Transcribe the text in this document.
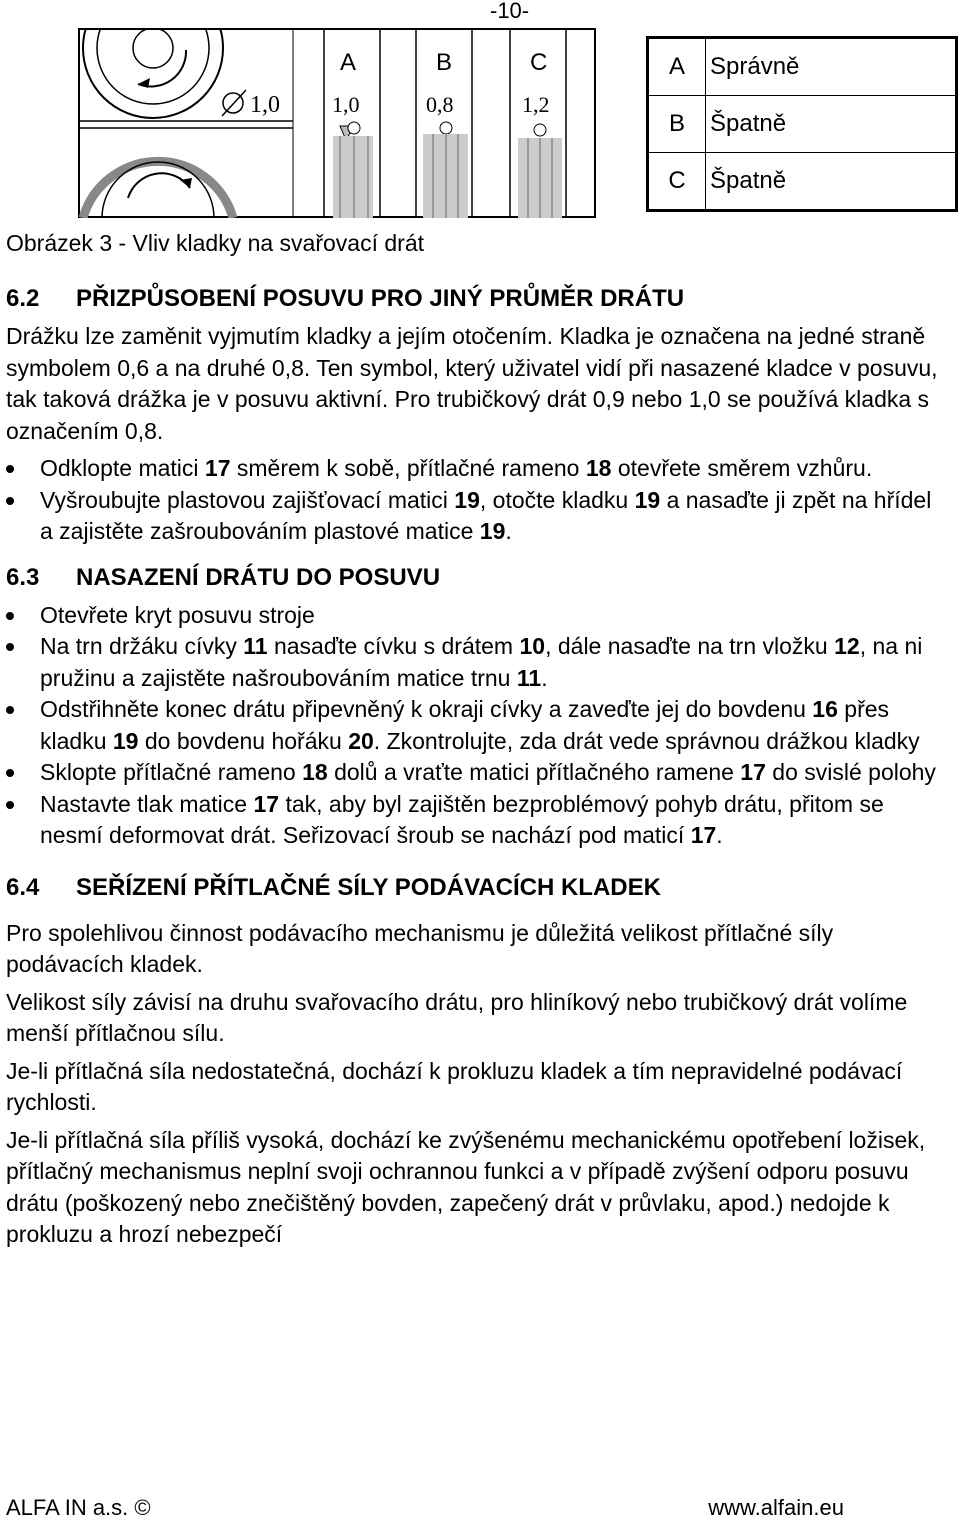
-10-
1,0
A
1,0
B
0,8
C
1,2
A	Správně
B	Špatně
C	Špatně
Obrázek 3 - Vliv kladky na svařovací drát
6.2	PŘIZPŮSOBENÍ POSUVU PRO JINÝ PRŮMĚR DRÁTU

Drážku lze zaměnit vyjmutím kladky a jejím otočením. Kladka je označena na jedné straně symbolem 0,6 a na druhé 0,8. Ten symbol, který uživatel vidí při nasazené kladce v posuvu, tak taková drážka je v posuvu aktivní. Pro trubičkový drát 0,9 nebo 1,0 se používá kladka s označením 0,8.

Odklopte matici 17 směrem k sobě, přítlačné rameno 18 otevřete směrem vzhůru.
Vyšroubujte plastovou zajišťovací matici 19, otočte kladku 19 a nasaďte ji zpět na hřídel a zajistěte zašroubováním plastové matice 19.
6.3	NASAZENÍ DRÁTU DO POSUVU
Otevřete kryt posuvu stroje
Na trn držáku cívky 11 nasaďte cívku s drátem 10, dále nasaďte na trn vložku 12, na ni pružinu a zajistěte našroubováním matice trnu 11.
Odstřihněte konec drátu připevněný k okraji cívky a zaveďte jej do bovdenu 16 přes kladku 19 do bovdenu hořáku 20. Zkontrolujte, zda drát vede správnou drážkou kladky
Sklopte přítlačné rameno 18 dolů a vraťte matici přítlačného ramene 17 do svislé polohy
Nastavte tlak matice 17 tak, aby byl zajištěn bezproblémový pohyb drátu, přitom se nesmí deformovat drát. Seřizovací šroub se nachází pod maticí 17.
6.4	SEŘÍZENÍ PŘÍTLAČNÉ SÍLY PODÁVACÍCH KLADEK

Pro spolehlivou činnost podávacího mechanismu je důležitá velikost přítlačné síly podávacích kladek.

Velikost síly závisí na druhu svařovacího drátu, pro hliníkový nebo trubičkový drát volíme menší přítlačnou sílu.

Je-li přítlačná síla nedostatečná, dochází k prokluzu kladek a tím nepravidelné podávací rychlosti.

Je-li přítlačná síla příliš vysoká, dochází ke zvýšenému mechanickému opotřebení ložisek, přítlačný mechanismus neplní svoji ochrannou funkci a v případě zvýšení odporu posuvu drátu (poškozený nebo znečištěný bovden, zapečený drát v průvlaku, apod.) nedojde k prokluzu a hrozí nebezpečí

ALFA IN a.s. ©	www.alfain.eu
